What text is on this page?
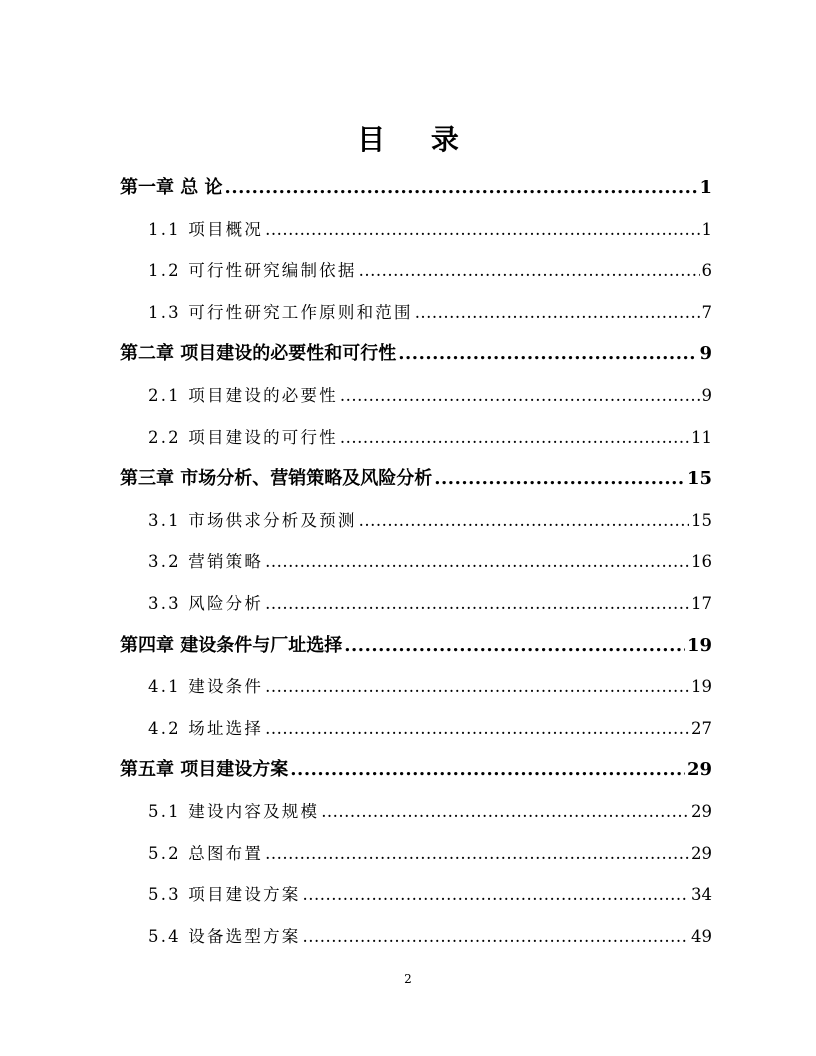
目 录
第一章 总 论 .....	1
1.1 项目概况 .....	1
1.2 可行性研究编制依据 .....	6
1.3 可行性研究工作原则和范围 .....	7
第二章 项目建设的必要性和可行性 .....	9
2.1 项目建设的必要性 .....	9
2.2 项目建设的可行性 .....	11
第三章 市场分析、营销策略及风险分析 .....	15
3.1 市场供求分析及预测 .....	15
3.2 营销策略 .....	16
3.3 风险分析 .....	17
第四章 建设条件与厂址选择 .....	19
4.1 建设条件 .....	19
4.2 场址选择 .....	27
第五章 项目建设方案 .....	29
5.1 建设内容及规模 .....	29
5.2 总图布置 .....	29
5.3 项目建设方案 .....	34
5.4 设备选型方案 .....	49
2
